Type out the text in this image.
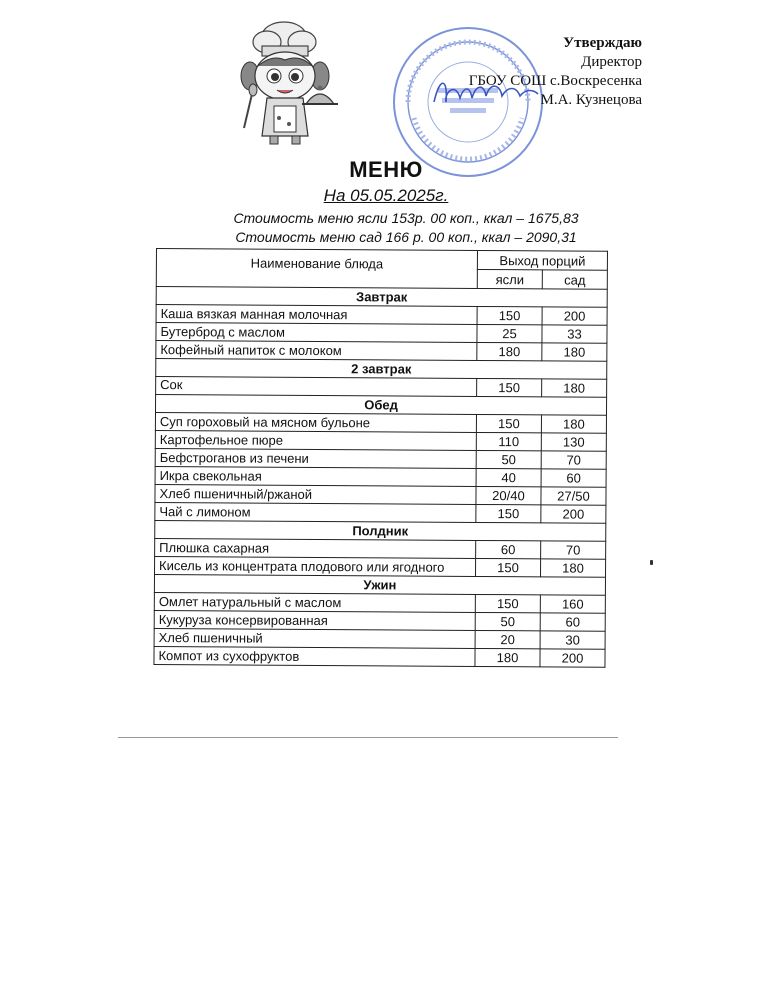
Утверждаю
Директор
ГБОУ СОШ с.Воскресенка
М.А. Кузнецова
МЕНЮ
На 05.05.2025г.
Стоимость меню ясли 153р. 00 коп., ккал – 1675,83
Стоимость меню сад 166 р. 00 коп., ккал – 2090,31
Наименование блюда	Выход порций	
	ясли	сад
Завтрак		
Каша вязкая манная молочная	150	200
Бутерброд с маслом	25	33
Кофейный напиток с молоком	180	180
2 завтрак		
Сок	150	180
Обед		
Суп гороховый на мясном бульоне	150	180
Картофельное пюре	110	130
Бефстроганов из печени	50	70
Икра свекольная	40	60
Хлеб пшеничный/ржаной	20/40	27/50
Чай с лимоном	150	200
Полдник		
Плюшка сахарная	60	70
Кисель из концентрата плодового или ягодного	150	180
Ужин		
Омлет натуральный с маслом	150	160
Кукуруза консервированная	50	60
Хлеб пшеничный	20	30
Компот из сухофруктов	180	200
